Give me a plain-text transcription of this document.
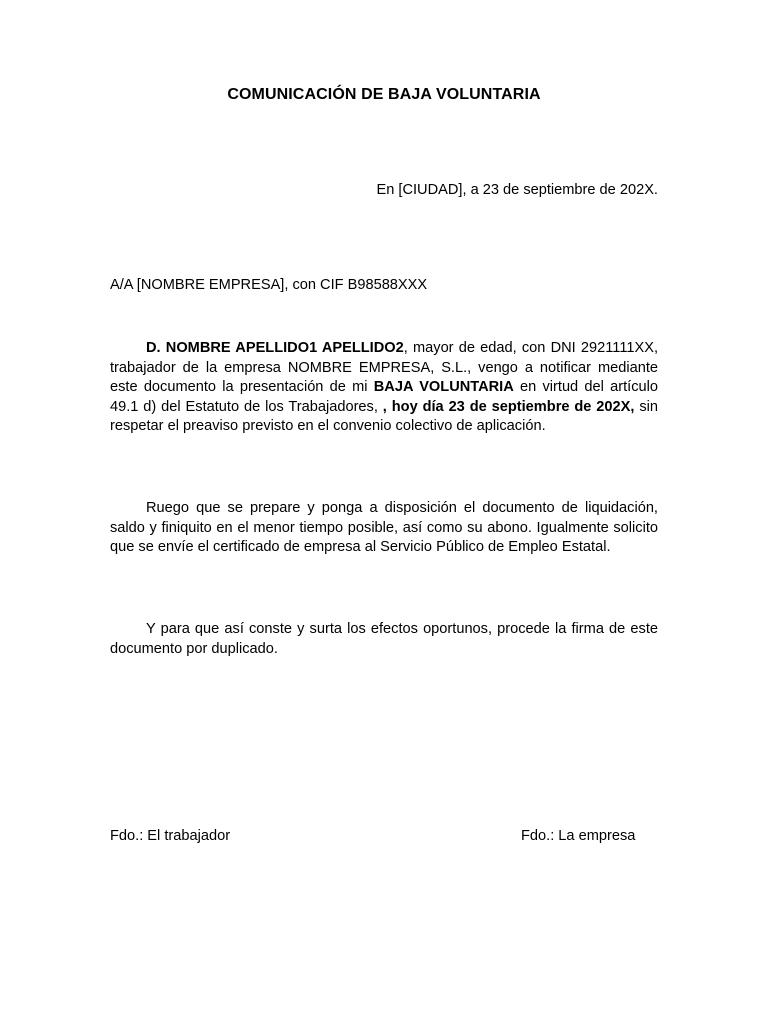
COMUNICACIÓN DE BAJA VOLUNTARIA

En [CIUDAD], a 23 de septiembre de 202X.

A/A [NOMBRE EMPRESA], con CIF B98588XXX

D. NOMBRE APELLIDO1 APELLIDO2, mayor de edad, con DNI 2921111XX, trabajador de la empresa NOMBRE EMPRESA, S.L., vengo a notificar mediante este documento la presentación de mi BAJA VOLUNTARIA en virtud del artículo 49.1 d) del Estatuto de los Trabajadores, , hoy día 23 de septiembre de 202X, sin respetar el preaviso previsto en el convenio colectivo de aplicación.

Ruego que se prepare y ponga a disposición el documento de liquidación, saldo y finiquito en el menor tiempo posible, así como su abono. Igualmente solicito que se envíe el certificado de empresa al Servicio Público de Empleo Estatal.

Y para que así conste y surta los efectos oportunos, procede la firma de este documento por duplicado.

Fdo.: El trabajador	Fdo.: La empresa
